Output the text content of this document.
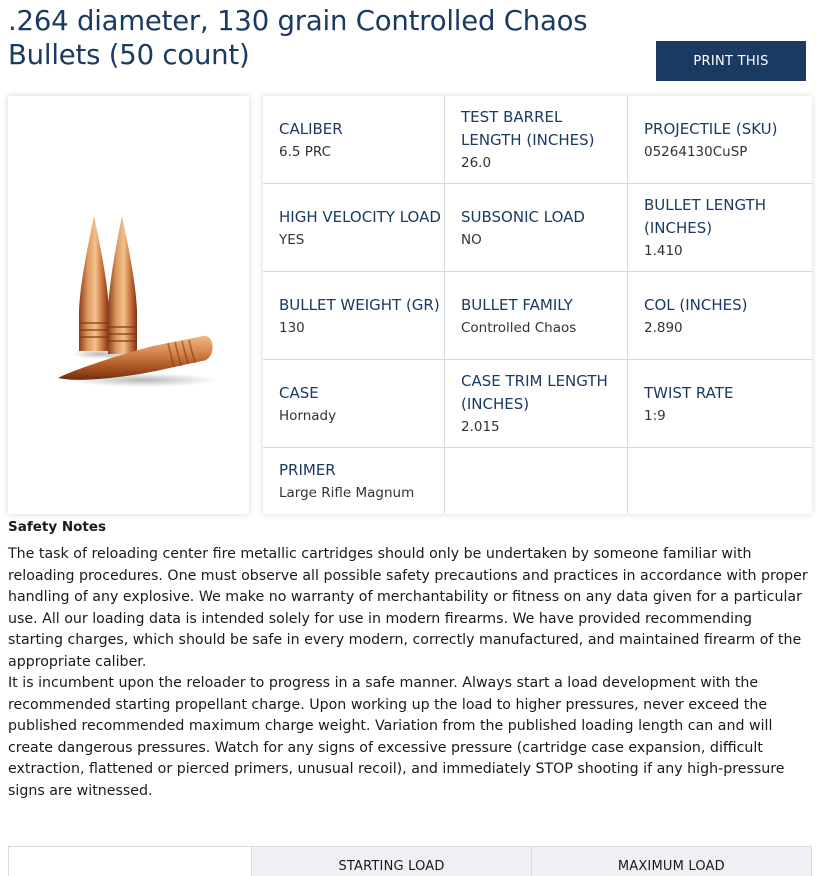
.264 diameter, 130 grain Controlled Chaos Bullets (50 count)	PRINT THIS
CALIBER
6.5 PRC
TEST BARREL LENGTH (INCHES)
26.0
PROJECTILE (SKU)
05264130CuSP
HIGH VELOCITY LOAD
YES
SUBSONIC LOAD
NO
BULLET LENGTH (INCHES)
1.410
BULLET WEIGHT (GR)
130
BULLET FAMILY
Controlled Chaos
COL (INCHES)
2.890
CASE
Hornady
CASE TRIM LENGTH (INCHES)
2.015
TWIST RATE
1:9
PRIMER
Large Rifle Magnum
Safety Notes

The task of reloading center fire metallic cartridges should only be undertaken by someone familiar with reloading procedures. One must observe all possible safety precautions and practices in accordance with proper handling of any explosive. We make no warranty of merchantability or fitness on any data given for a particular use. All our loading data is intended solely for use in modern firearms. We have provided recommending starting charges, which should be safe in every modern, correctly manufactured, and maintained firearm of the appropriate caliber.

It is incumbent upon the reloader to progress in a safe manner. Always start a load development with the recommended starting propellant charge. Upon working up the load to higher pressures, never exceed the published recommended maximum charge weight. Variation from the published loading length can and will create dangerous pressures. Watch for any signs of excessive pressure (cartridge case expansion, difficult extraction, flattened or pierced primers, unusual recoil), and immediately STOP shooting if any high-pressure signs are witnessed.

STARTING LOAD	MAXIMUM LOAD
